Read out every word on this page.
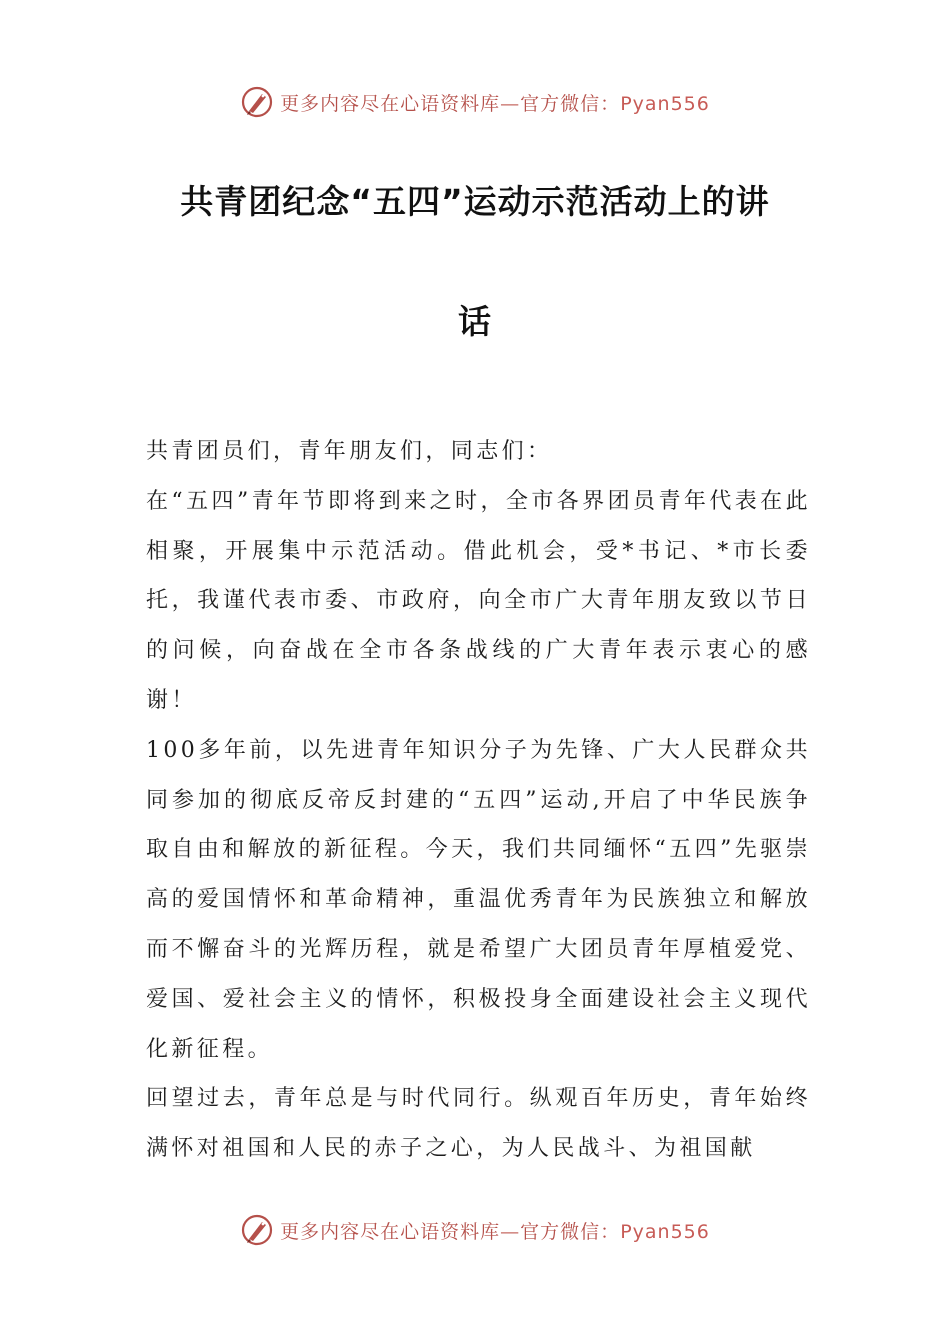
更多内容尽在心语资料库—官方微信：Pyan556
共青团纪念“五四”运动示范活动上的讲
话

共青团员们，青年朋友们，同志们：

在“五四”青年节即将到来之时，全市各界团员青年代表在此相聚，开展集中示范活动。借此机会，受*书记、*市长委托，我谨代表市委、市政府，向全市广大青年朋友致以节日的问候，向奋战在全市各条战线的广大青年表示衷心的感谢！

100多年前，以先进青年知识分子为先锋、广大人民群众共同参加的彻底反帝反封建的“五四”运动,开启了中华民族争取自由和解放的新征程。今天，我们共同缅怀“五四”先驱崇高的爱国情怀和革命精神，重温优秀青年为民族独立和解放而不懈奋斗的光辉历程，就是希望广大团员青年厚植爱党、爱国、爱社会主义的情怀，积极投身全面建设社会主义现代化新征程。

回望过去，青年总是与时代同行。纵观百年历史，青年始终满怀对祖国和人民的赤子之心，为人民战斗、为祖国献

更多内容尽在心语资料库—官方微信：Pyan556
